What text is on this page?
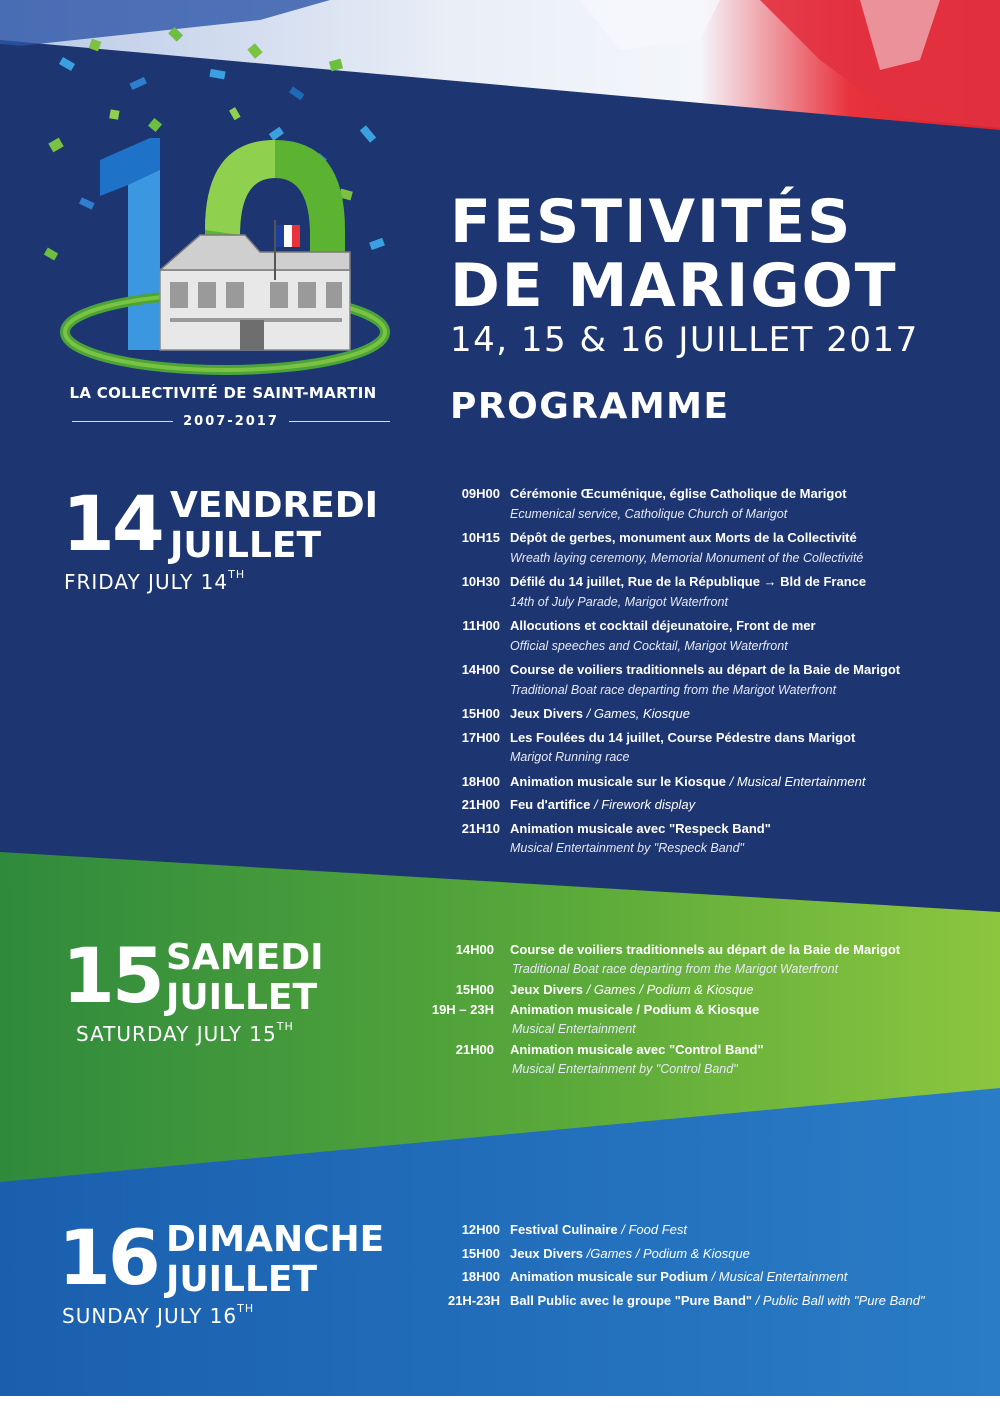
LA COLLECTIVITÉ DE SAINT-MARTIN
2007-2017
FESTIVITÉS
DE MARIGOT
14, 15 & 16 JUILLET 2017
PROGRAMME
14 VENDREDI
JUILLET
FRIDAY JULY 14TH
15 SAMEDI
JUILLET
SATURDAY JULY 15TH
16 DIMANCHE
JUILLET
SUNDAY JULY 16TH
09H00 Cérémonie Œcuménique, église Catholique de Marigot
Ecumenical service, Catholique Church of Marigot
10H15 Dépôt de gerbes, monument aux Morts de la Collectivité
Wreath laying ceremony, Memorial Monument of the Collectivité
10H30 Défilé du 14 juillet, Rue de la République → Bld de France
14th of July Parade, Marigot Waterfront
11H00 Allocutions et cocktail déjeunatoire, Front de mer
Official speeches and Cocktail, Marigot Waterfront
14H00 Course de voiliers traditionnels au départ de la Baie de Marigot
Traditional Boat race departing from the Marigot Waterfront
15H00 Jeux Divers / Games, Kiosque
17H00 Les Foulées du 14 juillet, Course Pédestre dans Marigot
Marigot Running race
18H00 Animation musicale sur le Kiosque / Musical Entertainment
21H00 Feu d'artifice / Firework display
21H10 Animation musicale avec "Respeck Band"
Musical Entertainment by "Respeck Band"
14H00 Course de voiliers traditionnels au départ de la Baie de Marigot
Traditional Boat race departing from the Marigot Waterfront
15H00 Jeux Divers / Games / Podium & Kiosque
19H – 23H Animation musicale / Podium & Kiosque
Musical Entertainment
21H00 Animation musicale avec "Control Band"
Musical Entertainment by "Control Band"
12H00 Festival Culinaire / Food Fest
15H00 Jeux Divers /Games / Podium & Kiosque
18H00 Animation musicale sur Podium / Musical Entertainment
21H-23H Ball Public avec le groupe "Pure Band" / Public Ball with "Pure Band"
